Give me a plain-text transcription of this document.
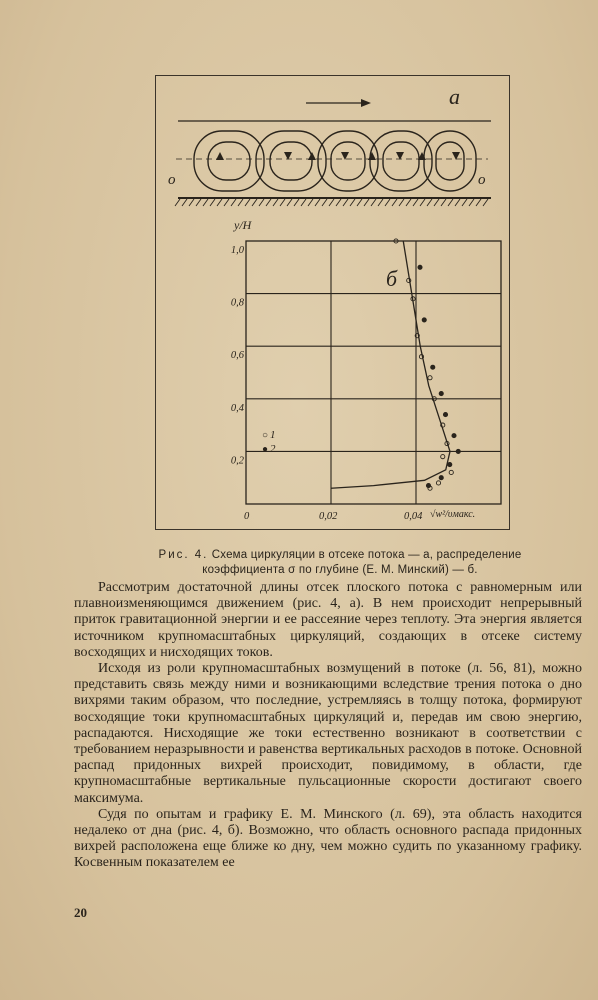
а
о	о
0,2
0,4
0,6
0,8
1,0
0	0,02	0,04
б
y/H
√w²/υмакс.
○ 1
● 2
Рис. 4. Схема циркуляции в отсеке потока — а, распределение коэффициента σ по глубине (Е. М. Минский) — б.

Рассмотрим достаточной длины отсек плоского потока с равномерным или плавноизменяющимся движением (рис. 4, а). В нем происходит непрерывный приток гравитационной энергии и ее рассеяние через теплоту. Эта энергия является источником крупномасштабных циркуляций, создающих в отсеке систему восходящих и нисходящих токов.

Исходя из роли крупномасштабных возмущений в потоке (л. 56, 81), можно представить связь между ними и возникающими вследствие трения потока о дно вихрями таким образом, что последние, устремляясь в толщу потока, формируют восходящие токи крупномасштабных циркуляций и, передав им свою энергию, распадаются. Нисходящие же токи естественно возникают в соответствии с требованием неразрывности и равенства вертикальных расходов в потоке. Основной распад придонных вихрей происходит, повидимому, в области, где крупномасштабные вертикальные пульсационные скорости достигают своего максимума.

Судя по опытам и графику Е. М. Минского (л. 69), эта область находится недалеко от дна (рис. 4, б). Возможно, что область основного распада придонных вихрей расположена еще ближе ко дну, чем можно судить по указанному графику. Косвенным показателем ее

20
